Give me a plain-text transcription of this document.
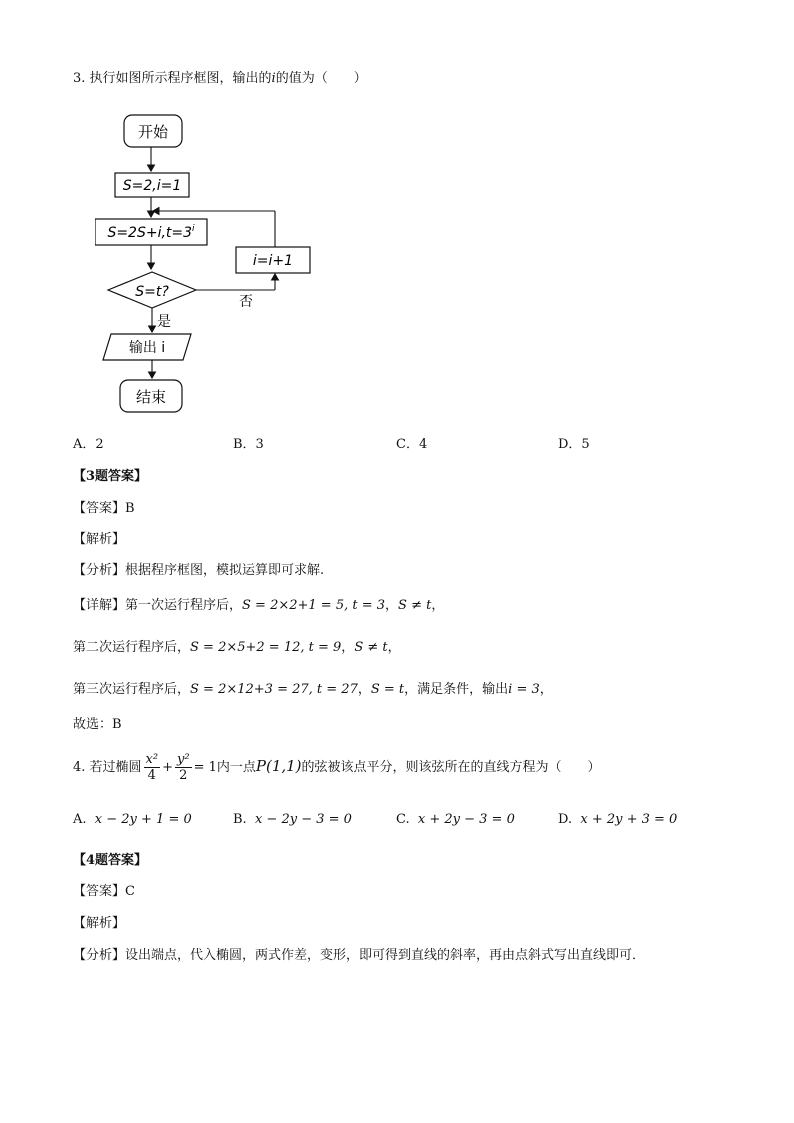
3. 执行如图所示程序框图，输出的i的值为（　　）
开始
S=2,i=1
$S=2S+i,t=3^i$
S=t?
否
i=i+1
是
输出 i
结束
A．2	B．3	C．4	D．5
【3题答案】
【答案】B
【解析】
【分析】根据程序框图，模拟运算即可求解.
【详解】第一次运行程序后，S = 2×2+1 = 5, t = 3，S ≠ t，
第二次运行程序后，S = 2×5+2 = 12, t = 9，S ≠ t，
第三次运行程序后，S = 2×12+3 = 27, t = 27，S = t，满足条件，输出i = 3，
故选：B
4. 若过椭圆 $\frac{\text{x²}}{4} + \frac{\text{y²}}{2} = 1$内一点P(1,1)的弦被该点平分，则该弦所在的直线方程为（　　）
A. x − 2y + 1 = 0	B. x − 2y − 3 = 0	C. x + 2y − 3 = 0	D. x + 2y + 3 = 0
【4题答案】
【答案】C
【解析】
【分析】设出端点，代入椭圆，两式作差，变形，即可得到直线的斜率，再由点斜式写出直线即可．
